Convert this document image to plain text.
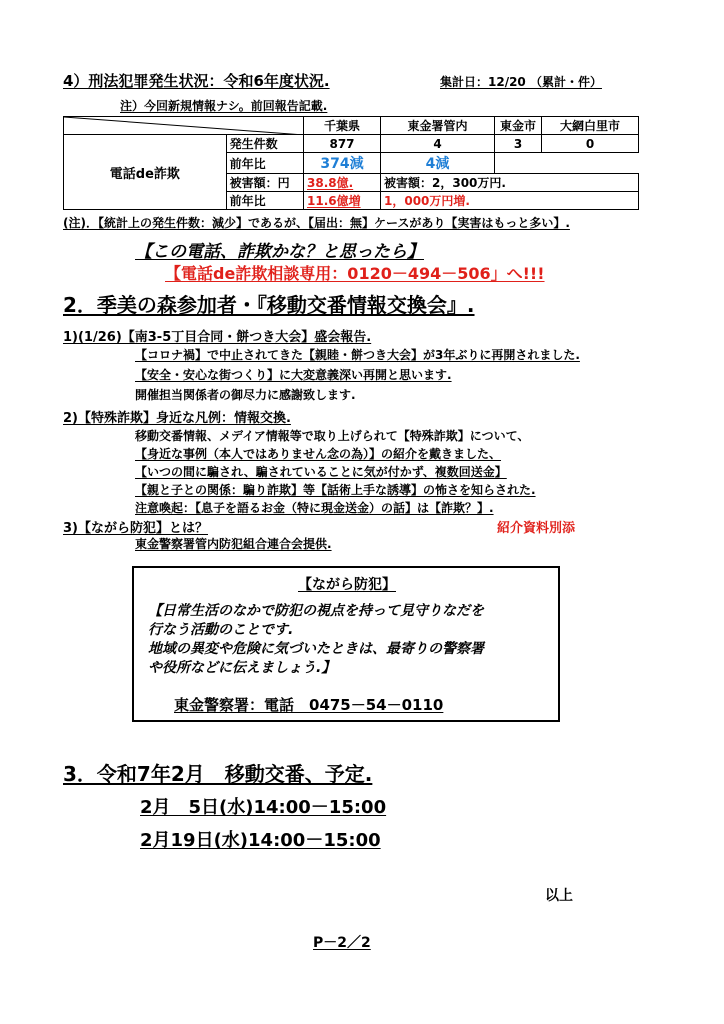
4）刑法犯罪発生状況：令和6年度状況.	集計日：12/20 （累計・件）
注）今回新規情報ナシ。前回報告記載.
	千葉県	東金署管内	東金市	大網白里市
電話de詐欺	発生件数	877	4	3	0
	前年比	374減	4減		
	被害額：円	38.8億.	被害額：2，300万円.		
	前年比	11.6億増	1，000万円増.		
(注)．【統計上の発生件数：減少】であるが、【届出：無】ケースがあり【実害はもっと多い】.
【この電話、詐欺かな？と思ったら】
【電話de詐欺相談専用：0120－494－506」へ!!!
2．季美の森参加者・『移動交番情報交換会』.
1)(1/26)【南3-5丁目合同・餅つき大会】盛会報告.
【コロナ禍】で中止されてきた【親睦・餅つき大会】が3年ぶりに再開されました.
【安全・安心な街つくり】に大変意義深い再開と思います.
開催担当関係者の御尽力に感謝致します.
2)【特殊詐欺】身近な凡例：情報交換.
移動交番情報、メデイア情報等で取り上げられて【特殊詐欺】について、
【身近な事例（本人ではありません念の為）】の紹介を戴きました、
【いつの間に騙され、騙されていることに気が付かず、複数回送金】
【親と子との関係：騙り詐欺】等【話術上手な誘導】の怖さを知らされた.
注意喚起：【息子を語るお金（特に現金送金）の話】は【詐欺？】.
3)【ながら防犯】とは？	紹介資料別添
東金警察署管内防犯組合連合会提供.
【ながら防犯】
【日常生活のなかで防犯の視点を持って見守りなだを
行なう活動のことです.
地域の異変や危険に気づいたときは、最寄りの警察署
や役所などに伝えましょう.】
東金警察署：電話　0475－54－0110
3．令和7年2月　移動交番、予定.
2月　5日(水)14:00－15:00
2月19日(水)14:00－15:00
以上
P－2／2
